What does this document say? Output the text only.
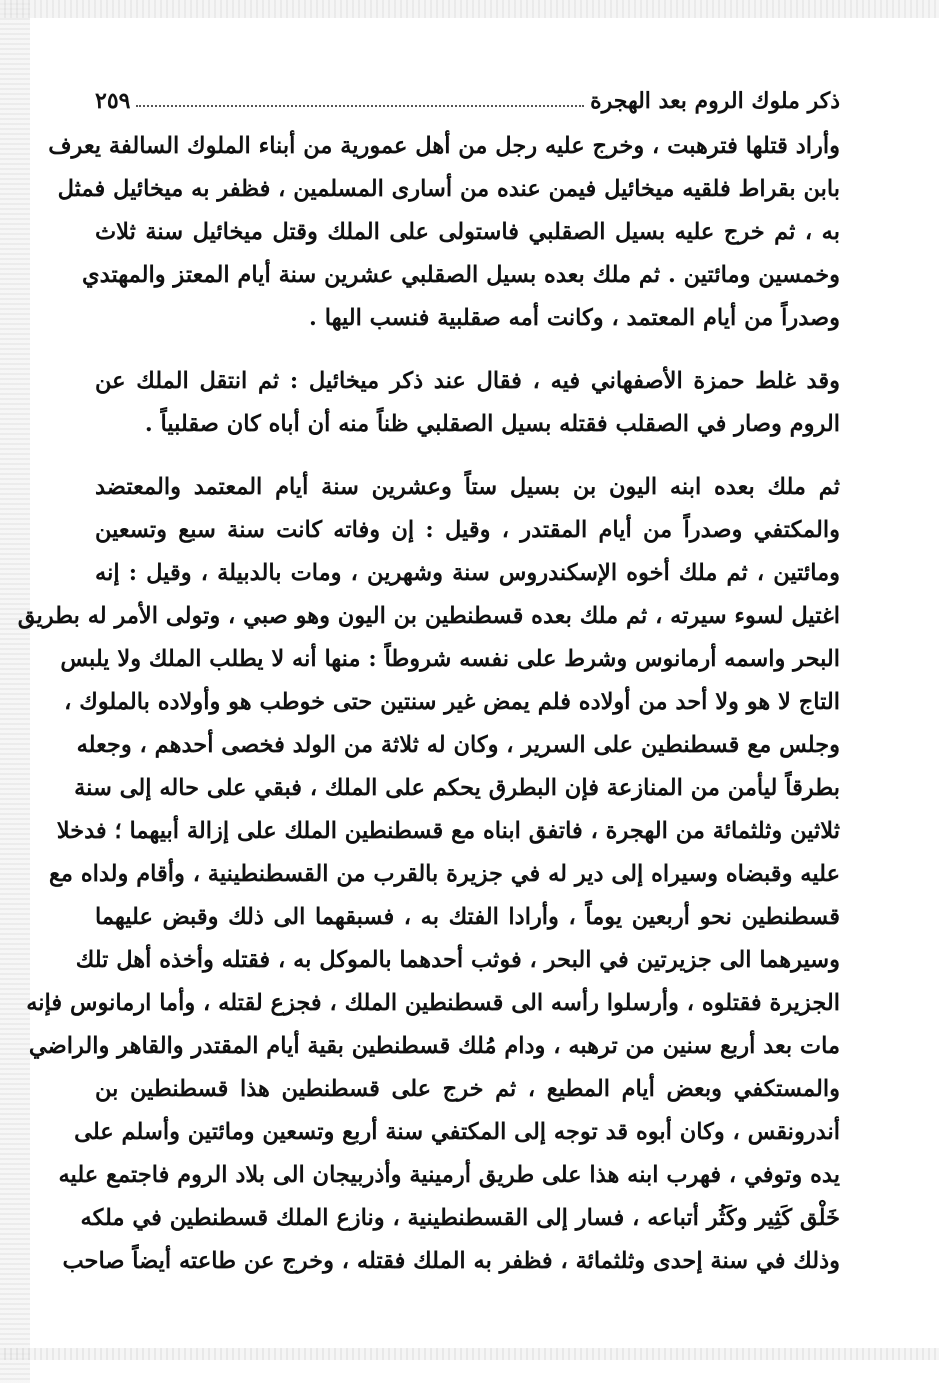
ذكر ملوك الروم بعد الهجرة
٢٥٩
وأراد قتلها فترهبت ، وخرج عليه رجل من أهل عمورية من أبناء الملوك السالفة يعرف
بابن بقراط فلقيه ميخائيل فيمن عنده من أسارى المسلمين ، فظفر به ميخائيل فمثل
به ، ثم خرج عليه بسيل الصقلبي فاستولى على الملك وقتل ميخائيل سنة ثلاث
وخمسين ومائتين . ثم ملك بعده بسيل الصقلبي عشرين سنة أيام المعتز والمهتدي
وصدراً من أيام المعتمد ، وكانت أمه صقلبية فنسب اليها .
وقد غلط حمزة الأصفهاني فيه ، فقال عند ذكر ميخائيل : ثم انتقل الملك عن
الروم وصار في الصقلب فقتله بسيل الصقلبي ظناً منه أن أباه كان صقلبياً .
ثم ملك بعده ابنه اليون بن بسيل ستاً وعشرين سنة أيام المعتمد والمعتضد
والمكتفي وصدراً من أيام المقتدر ، وقيل : إن وفاته كانت سنة سبع وتسعين
ومائتين ، ثم ملك أخوه الإسكندروس سنة وشهرين ، ومات بالدبيلة ، وقيل : إنه
اغتيل لسوء سيرته ، ثم ملك بعده قسطنطين بن اليون وهو صبي ، وتولى الأمر له بطريق
البحر واسمه أرمانوس وشرط على نفسه شروطاً : منها أنه لا يطلب الملك ولا يلبس
التاج لا هو ولا أحد من أولاده فلم يمض غير سنتين حتى خوطب هو وأولاده بالملوك ،
وجلس مع قسطنطين على السرير ، وكان له ثلاثة من الولد فخصى أحدهم ، وجعله
بطرقاً ليأمن من المنازعة فإن البطرق يحكم على الملك ، فبقي على حاله إلى سنة
ثلاثين وثلثمائة من الهجرة ، فاتفق ابناه مع قسطنطين الملك على إزالة أبيهما ؛ فدخلا
عليه وقبضاه وسيراه إلى دير له في جزيرة بالقرب من القسطنطينية ، وأقام ولداه مع
قسطنطين نحو أربعين يوماً ، وأرادا الفتك به ، فسبقهما الى ذلك وقبض عليهما
وسيرهما الى جزيرتين في البحر ، فوثب أحدهما بالموكل به ، فقتله وأخذه أهل تلك
الجزيرة فقتلوه ، وأرسلوا رأسه الى قسطنطين الملك ، فجزع لقتله ، وأما ارمانوس فإنه
مات بعد أربع سنين من ترهبه ، ودام مُلك قسطنطين بقية أيام المقتدر والقاهر والراضي
والمستكفي وبعض أيام المطيع ، ثم خرج على قسطنطين هذا قسطنطين بن
أندرونقس ، وكان أبوه قد توجه إلى المكتفي سنة أربع وتسعين ومائتين وأسلم على
يده وتوفي ، فهرب ابنه هذا على طريق أرمينية وأذربيجان الى بلاد الروم فاجتمع عليه
خَلْق كَثِير وكَثُر أتباعه ، فسار إلى القسطنطينية ، ونازع الملك قسطنطين في ملكه
وذلك في سنة إحدى وثلثمائة ، فظفر به الملك فقتله ، وخرج عن طاعته أيضاً صاحب
